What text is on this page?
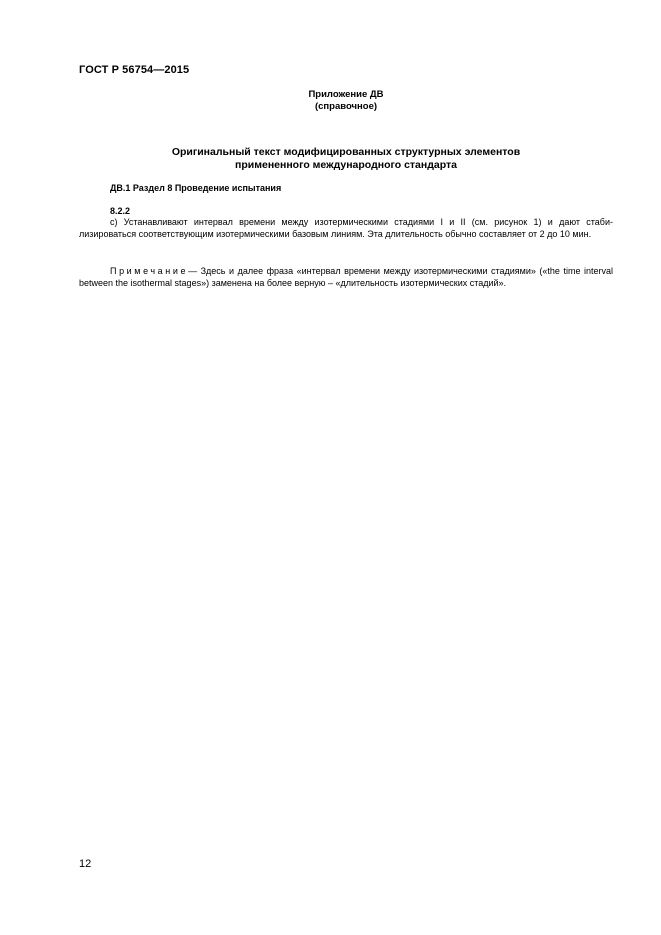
ГОСТ Р 56754—2015
Приложение ДВ
(справочное)
Оригинальный текст модифицированных структурных элементов
примененного международного стандарта
ДВ.1 Раздел 8 Проведение испытания
8.2.2

c) Устанавливают интервал времени между изотермическими стадиями I и II (см. рисунок 1) и дают стаби-лизироваться соответствующим изотермическими базовым линиям. Эта длительность обычно составляет от 2 до 10 мин.

Примечание— Здесь и далее фраза «интервал времени между изотермическими стадиями» («the time interval between the isothermal stages») заменена на более верную – «длительность изотермических стадий».

12
